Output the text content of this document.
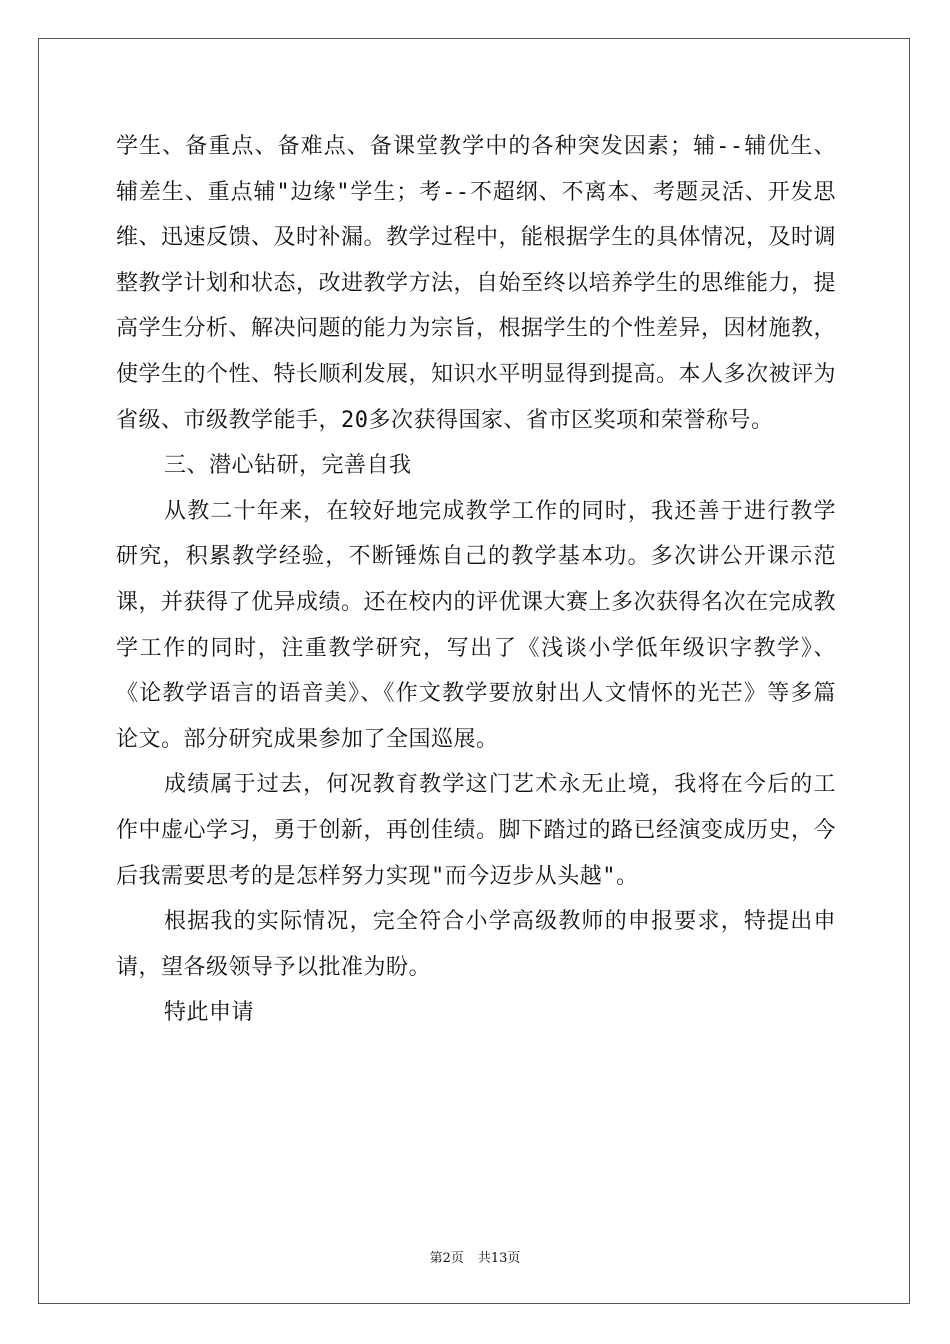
学生、备重点、备难点、备课堂教学中的各种突发因素；辅--辅优生、辅差生、重点辅"边缘"学生；考--不超纲、不离本、考题灵活、开发思维、迅速反馈、及时补漏。教学过程中，能根据学生的具体情况，及时调整教学计划和状态，改进教学方法，自始至终以培养学生的思维能力，提高学生分析、解决问题的能力为宗旨，根据学生的个性差异，因材施教，使学生的个性、特长顺利发展，知识水平明显得到提高。本人多次被评为省级、市级教学能手，20多次获得国家、省市区奖项和荣誉称号。

三、潜心钻研，完善自我

从教二十年来，在较好地完成教学工作的同时，我还善于进行教学研究，积累教学经验，不断锤炼自己的教学基本功。多次讲公开课示范课，并获得了优异成绩。还在校内的评优课大赛上多次获得名次在完成教学工作的同时，注重教学研究，写出了《浅谈小学低年级识字教学》、《论教学语言的语音美》、《作文教学要放射出人文情怀的光芒》等多篇论文。部分研究成果参加了全国巡展。

成绩属于过去，何况教育教学这门艺术永无止境，我将在今后的工作中虚心学习，勇于创新，再创佳绩。脚下踏过的路已经演变成历史，今后我需要思考的是怎样努力实现"而今迈步从头越"。

根据我的实际情况，完全符合小学高级教师的申报要求，特提出申请，望各级领导予以批准为盼。

特此申请

第2页 共13页
